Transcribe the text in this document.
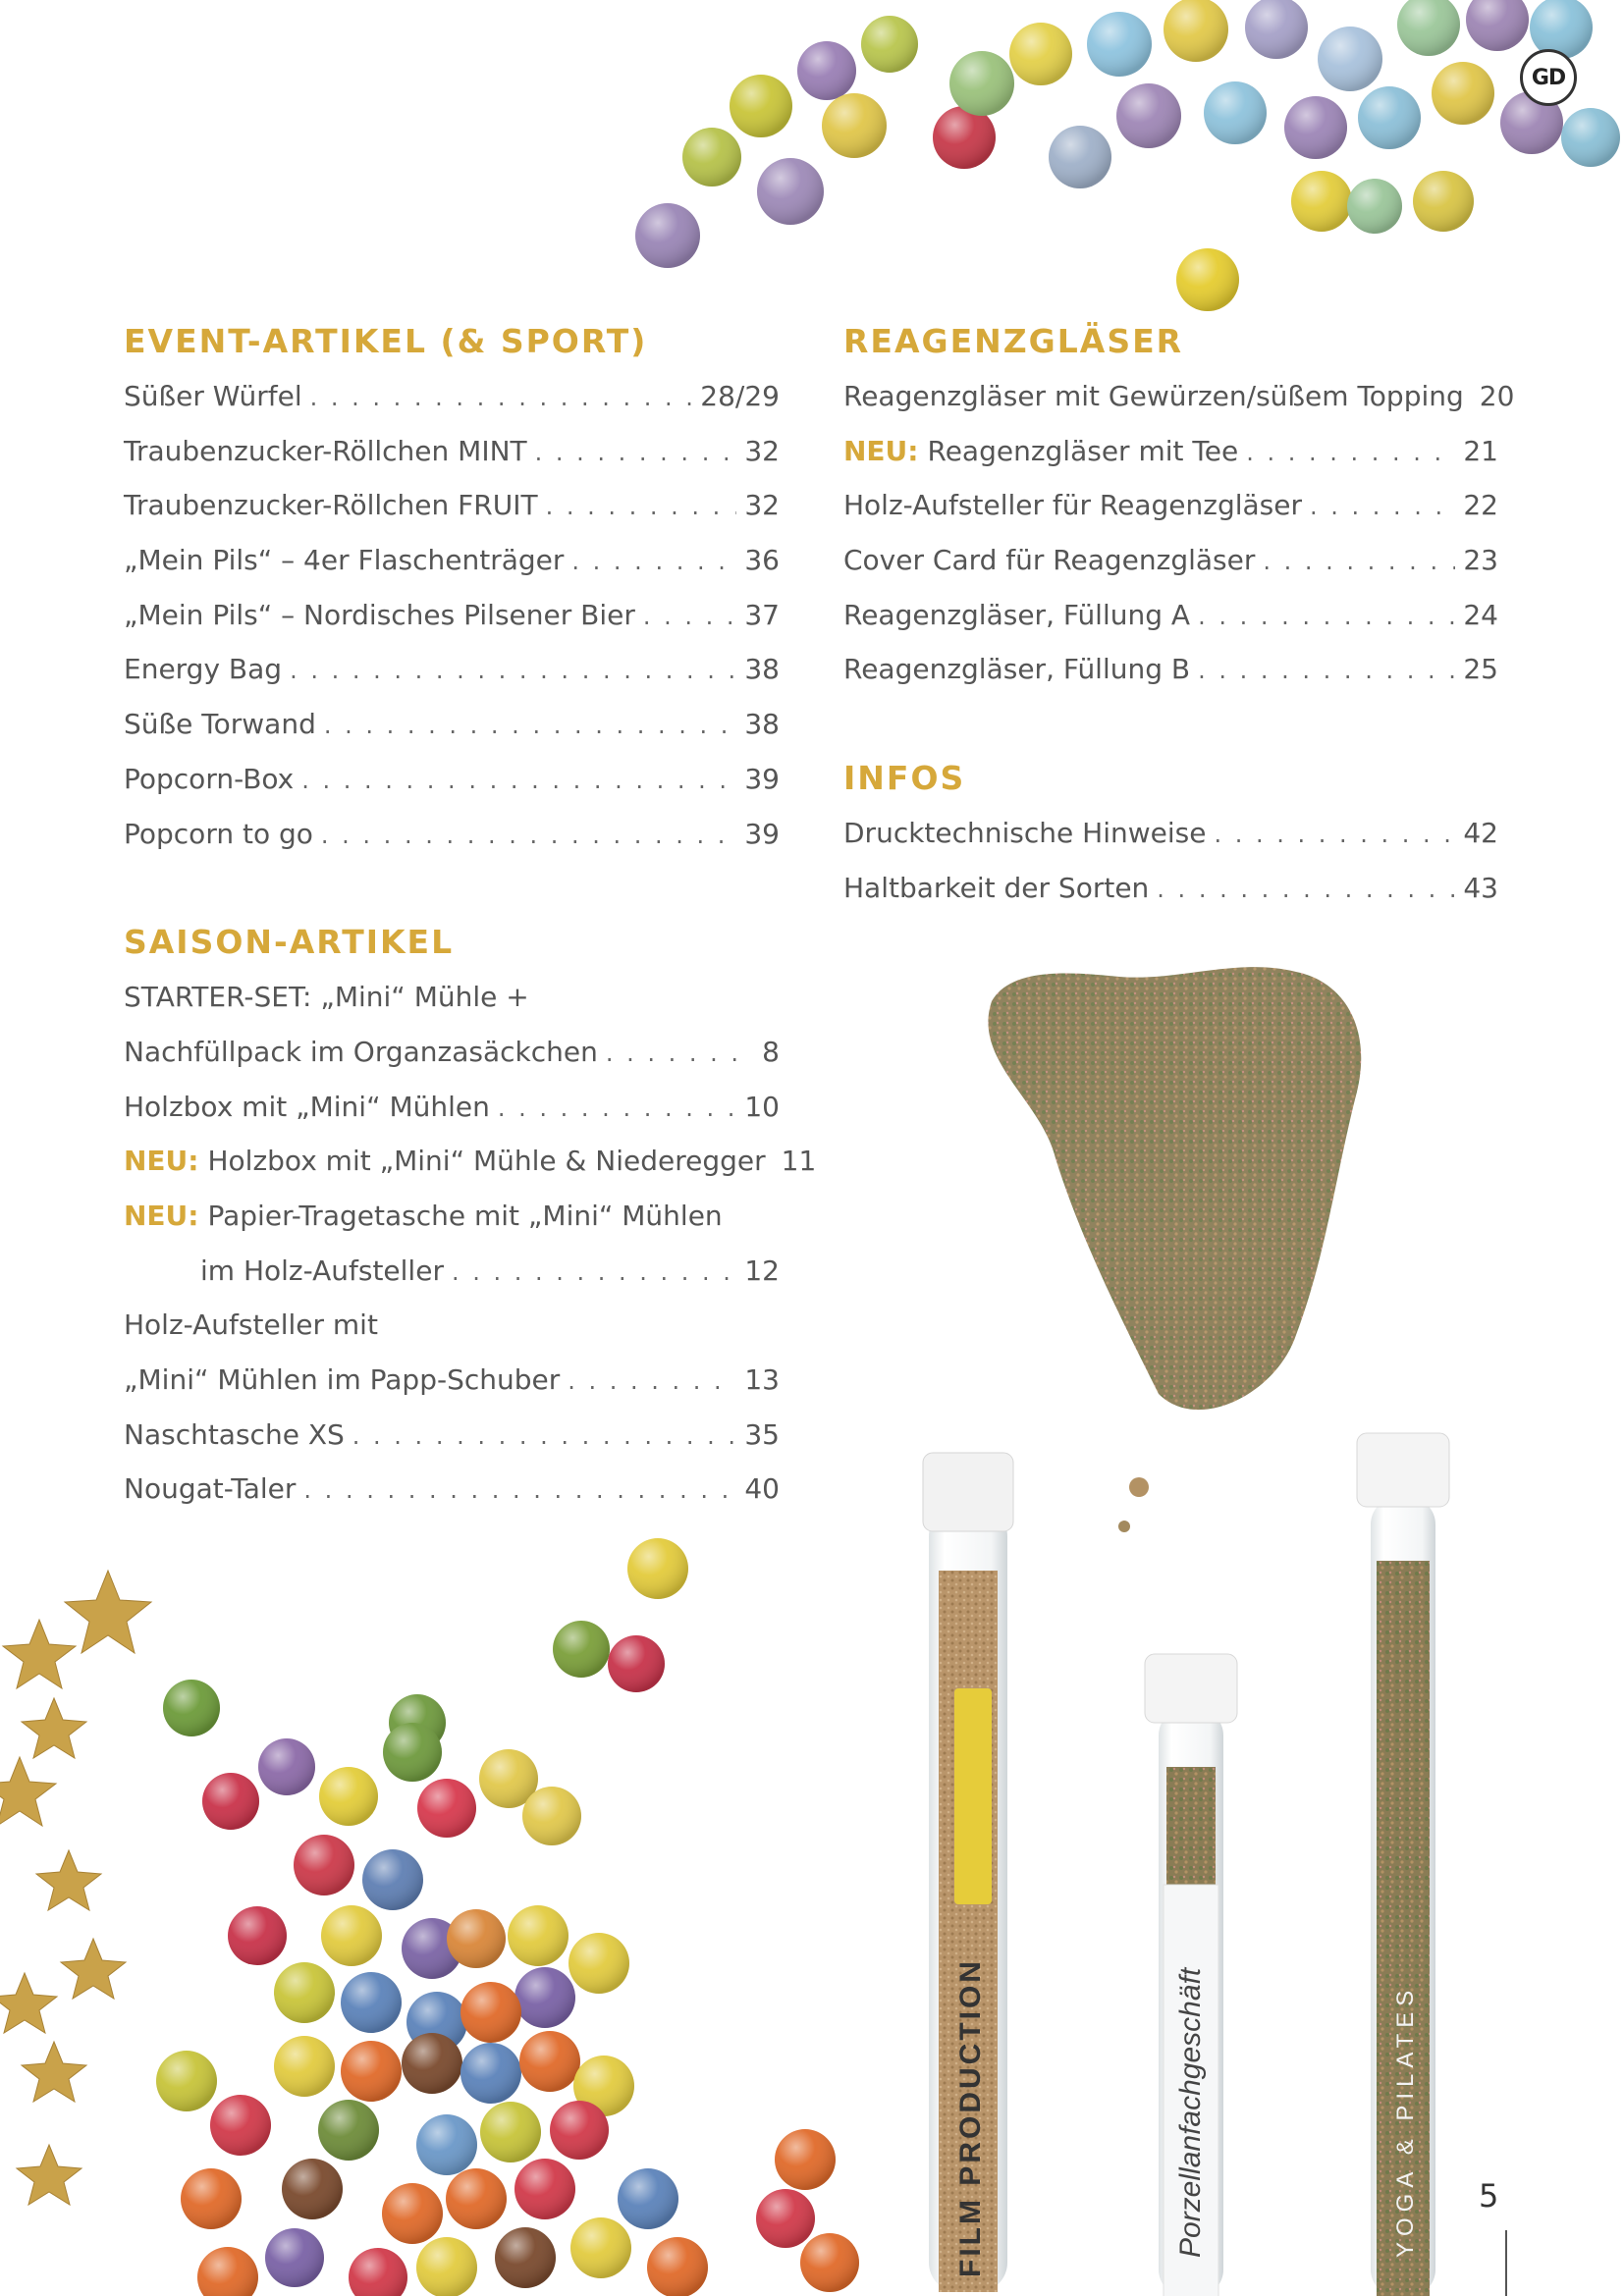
FILM PRODUCTION	Porzellanfachgeschäft	YOGA & PILATES
GD
EVENT-ARTIKEL (& SPORT)
Süßer Würfel . . .	28/29
Traubenzucker-Röllchen MINT . . .	32
Traubenzucker-Röllchen FRUIT . . .	32
„Mein Pils“ – 4er Flaschenträger . . .	36
„Mein Pils“ – Nordisches Pilsener Bier . . .	37
Energy Bag . . .	38
Süße Torwand . . .	38
Popcorn-Box . . .	39
Popcorn to go . . .	39
SAISON-ARTIKEL
STARTER-SET: „Mini“ Mühle +
Nachfüllpack im Organzasäckchen . . .	8
Holzbox mit „Mini“ Mühlen . . .	10
NEU: Holzbox mit „Mini“ Mühle & Niederegger 11
NEU: Papier-Tragetasche mit „Mini“ Mühlen
im Holz-Aufsteller . . .	12
Holz-Aufsteller mit
„Mini“ Mühlen im Papp-Schuber . . .	13
Naschtasche XS . . .	35
Nougat-Taler . . .	40
REAGENZGLÄSER
Reagenzgläser mit Gewürzen/süßem Topping 20
NEU: Reagenzgläser mit Tee . . .	21
Holz-Aufsteller für Reagenzgläser . . .	22
Cover Card für Reagenzgläser . . .	23
Reagenzgläser, Füllung A . . .	24
Reagenzgläser, Füllung B . . .	25
INFOS
Drucktechnische Hinweise . . .	42
Haltbarkeit der Sorten . . .	43
5
